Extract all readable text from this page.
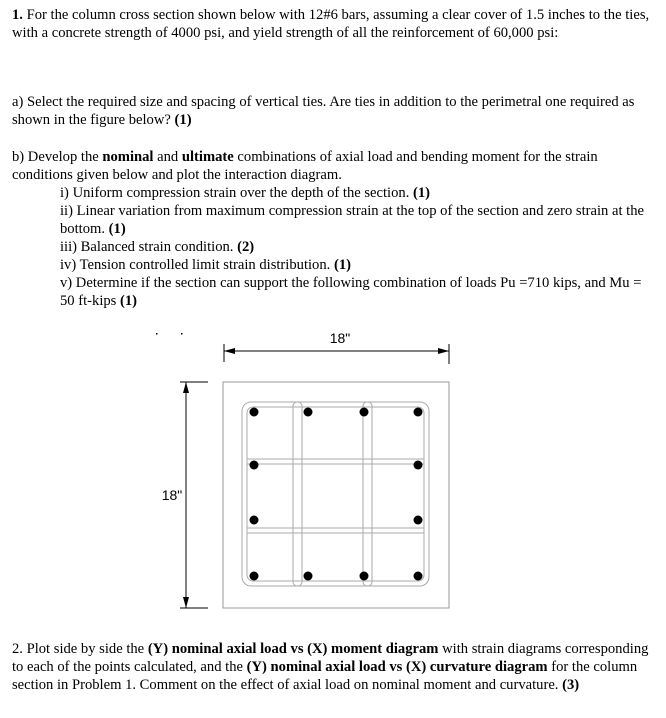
1. For the column cross section shown below with 12#6 bars, assuming a clear cover of 1.5 inches to the ties, with a concrete strength of 4000 psi, and yield strength of all the reinforcement of 60,000 psi:

a) Select the required size and spacing of vertical ties. Are ties in addition to the perimetral one required as shown in the figure below? (1)

b) Develop the nominal and ultimate combinations of axial load and bending moment for the strain conditions given below and plot the interaction diagram.

i) Uniform compression strain over the depth of the section. (1)

ii) Linear variation from maximum compression strain at the top of the section and zero strain at the bottom. (1)

iii) Balanced strain condition. (2)

iv) Tension controlled limit strain distribution. (1)

v) Determine if the section can support the following combination of loads Pu =710 kips, and Mu = 50 ft-kips (1)

18"
18"

2. Plot side by side the (Y) nominal axial load vs (X) moment diagram with strain diagrams corresponding to each of the points calculated, and the (Y) nominal axial load vs (X) curvature diagram for the column section in Problem 1. Comment on the effect of axial load on nominal moment and curvature. (3)
